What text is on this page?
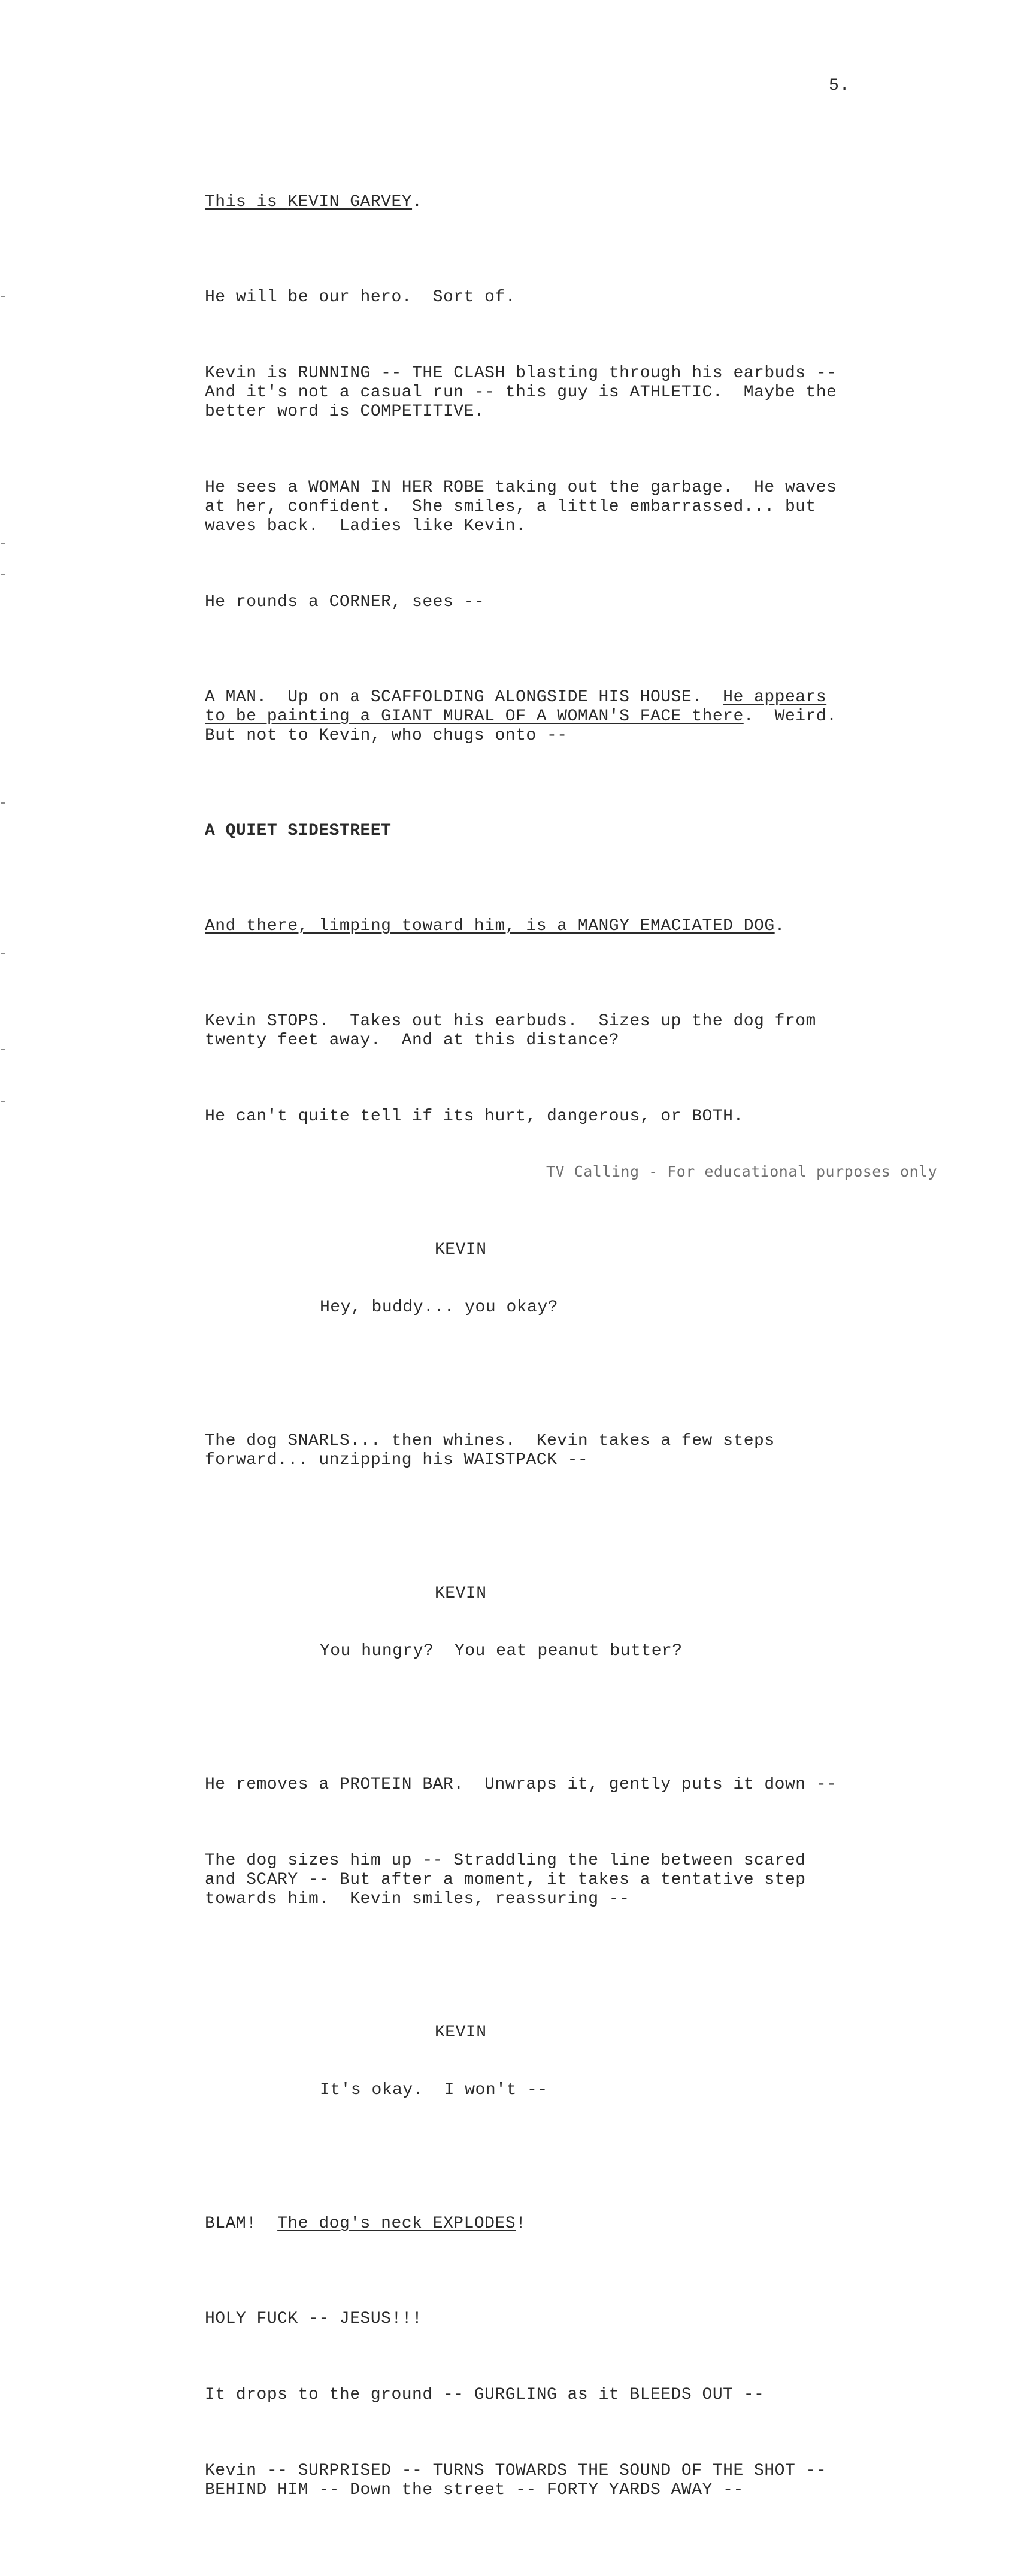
5.

This is KEVIN GARVEY.

He will be our hero.  Sort of.

Kevin is RUNNING -- THE CLASH blasting through his earbuds --
And it's not a casual run -- this guy is ATHLETIC.  Maybe the
better word is COMPETITIVE.

He sees a WOMAN IN HER ROBE taking out the garbage.  He waves
at her, confident.  She smiles, a little embarrassed... but
waves back.  Ladies like Kevin.

He rounds a CORNER, sees --

A MAN.  Up on a SCAFFOLDING ALONGSIDE HIS HOUSE.  He appears
to be painting a GIANT MURAL OF A WOMAN'S FACE there.  Weird.
But not to Kevin, who chugs onto --

A QUIET SIDESTREET

And there, limping toward him, is a MANGY EMACIATED DOG.

Kevin STOPS.  Takes out his earbuds.  Sizes up the dog from
twenty feet away.  And at this distance?

He can't quite tell if its hurt, dangerous, or BOTH.

KEVIN

Hey, buddy... you okay?

The dog SNARLS... then whines.  Kevin takes a few steps
forward... unzipping his WAISTPACK --

KEVIN

You hungry?  You eat peanut butter?

He removes a PROTEIN BAR.  Unwraps it, gently puts it down --

The dog sizes him up -- Straddling the line between scared
and SCARY -- But after a moment, it takes a tentative step
towards him.  Kevin smiles, reassuring --

KEVIN

It's okay.  I won't --

BLAM!  The dog's neck EXPLODES!

HOLY FUCK -- JESUS!!!

It drops to the ground -- GURGLING as it BLEEDS OUT --

Kevin -- SURPRISED -- TURNS TOWARDS THE SOUND OF THE SHOT --
BEHIND HIM -- Down the street -- FORTY YARDS AWAY --

TV Calling - For educational purposes only
